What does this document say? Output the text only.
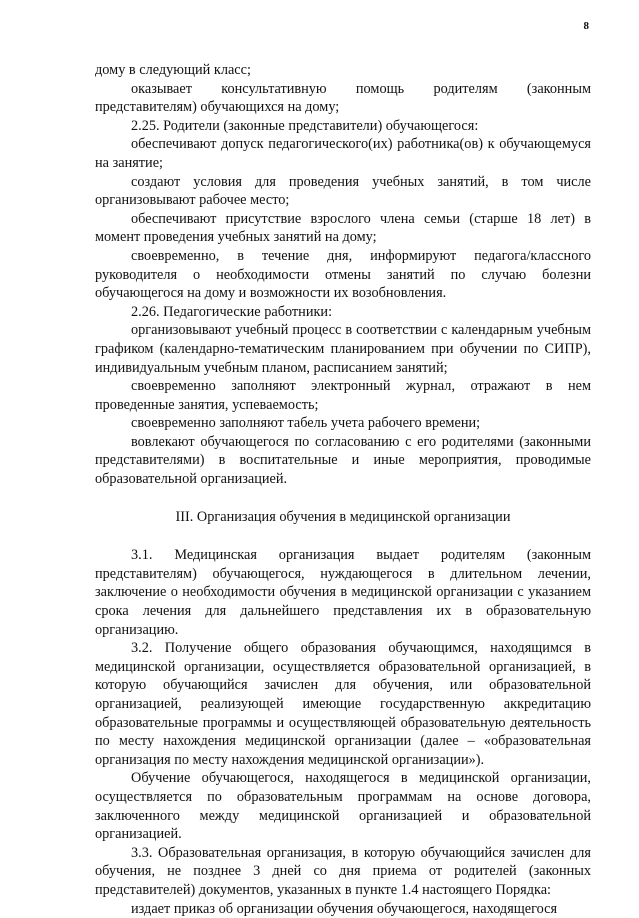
8

дому в следующий класс;

оказывает консультативную помощь родителям (законным представителям) обучающихся на дому;

2.25. Родители (законные представители) обучающегося:

обеспечивают допуск педагогического(их) работника(ов) к обучающемуся на занятие;

создают условия для проведения учебных занятий, в том числе организовывают рабочее место;

обеспечивают присутствие взрослого члена семьи (старше 18 лет) в момент проведения учебных занятий на дому;

своевременно, в течение дня, информируют педагога/классного руководителя о необходимости отмены занятий по случаю болезни обучающегося на дому и возможности их возобновления.

2.26. Педагогические работники:

организовывают учебный процесс в соответствии с календарным учебным графиком (календарно-тематическим планированием при обучении по СИПР), индивидуальным учебным планом, расписанием занятий;

своевременно заполняют электронный журнал, отражают в нем проведенные занятия, успеваемость;

своевременно заполняют табель учета рабочего времени;

вовлекают обучающегося по согласованию с его родителями (законными представителями) в воспитательные и иные мероприятия, проводимые образовательной организацией.

III. Организация обучения в медицинской организации

3.1. Медицинская организация выдает родителям (законным представителям) обучающегося, нуждающегося в длительном лечении, заключение о необходимости обучения в медицинской организации с указанием срока лечения для дальнейшего представления их в образовательную организацию.

3.2. Получение общего образования обучающимся, находящимся в медицинской организации, осуществляется образовательной организацией, в которую обучающийся зачислен для обучения, или образовательной организацией, реализующей имеющие государственную аккредитацию образовательные программы и осуществляющей образовательную деятельность по месту нахождения медицинской организации (далее – «образовательная организация по месту нахождения медицинской организации»).

Обучение обучающегося, находящегося в медицинской организации, осуществляется по образовательным программам на основе договора, заключенного между медицинской организацией и образовательной организацией.

3.3. Образовательная организация, в которую обучающийся зачислен для обучения, не позднее 3 дней со дня приема от родителей (законных представителей) документов, указанных в пункте 1.4 настоящего Порядка:

издает приказ об организации обучения обучающегося, находящегося
